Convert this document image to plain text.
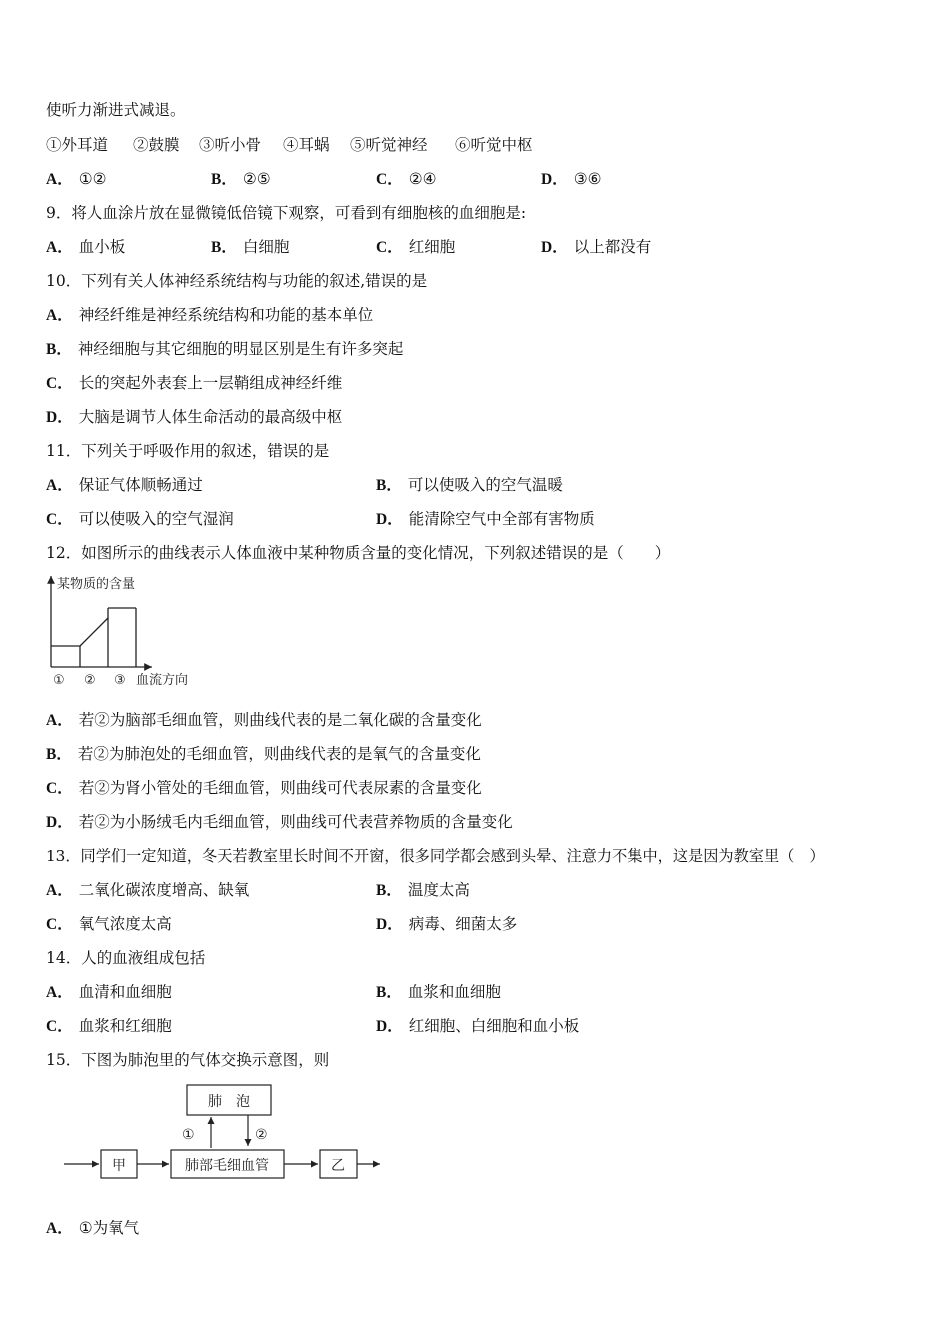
使听力渐进式减退。
①外耳道 ②鼓膜 ③听小骨 ④耳蜗 ⑤听觉神经 ⑥听觉中枢
A． ①②	B． ②⑤	C． ②④	D． ③⑥
9．将人血涂片放在显微镜低倍镜下观察，可看到有细胞核的血细胞是:
A． 血小板	B． 白细胞	C． 红细胞	D． 以上都没有
10．下列有关人体神经系统结构与功能的叙述,错误的是
A． 神经纤维是神经系统结构和功能的基本单位
B． 神经细胞与其它细胞的明显区别是生有许多突起
C． 长的突起外表套上一层鞘组成神经纤维
D． 大脑是调节人体生命活动的最高级中枢
11．下列关于呼吸作用的叙述，错误的是
A． 保证气体顺畅通过	B． 可以使吸入的空气温暖
C． 可以使吸入的空气湿润	D． 能清除空气中全部有害物质
12．如图所示的曲线表示人体血液中某种物质含量的变化情况，下列叙述错误的是（　　）
某物质的含量
① ② ③ 血流方向
A． 若②为脑部毛细血管，则曲线代表的是二氧化碳的含量变化
B． 若②为肺泡处的毛细血管，则曲线代表的是氧气的含量变化
C． 若②为肾小管处的毛细血管，则曲线可代表尿素的含量变化
D． 若②为小肠绒毛内毛细血管，则曲线可代表营养物质的含量变化
13．同学们一定知道，冬天若教室里长时间不开窗，很多同学都会感到头晕、注意力不集中，这是因为教室里（　）
A． 二氧化碳浓度增高、缺氧	B． 温度太高
C． 氧气浓度太高	D． 病毒、细菌太多
14．人的血液组成包括
A． 血清和血细胞	B． 血浆和血细胞
C． 血浆和红细胞	D． 红细胞、白细胞和血小板
15．下图为肺泡里的气体交换示意图，则
肺　泡
①	②
甲	肺部毛细血管	乙
A． ①为氧气
